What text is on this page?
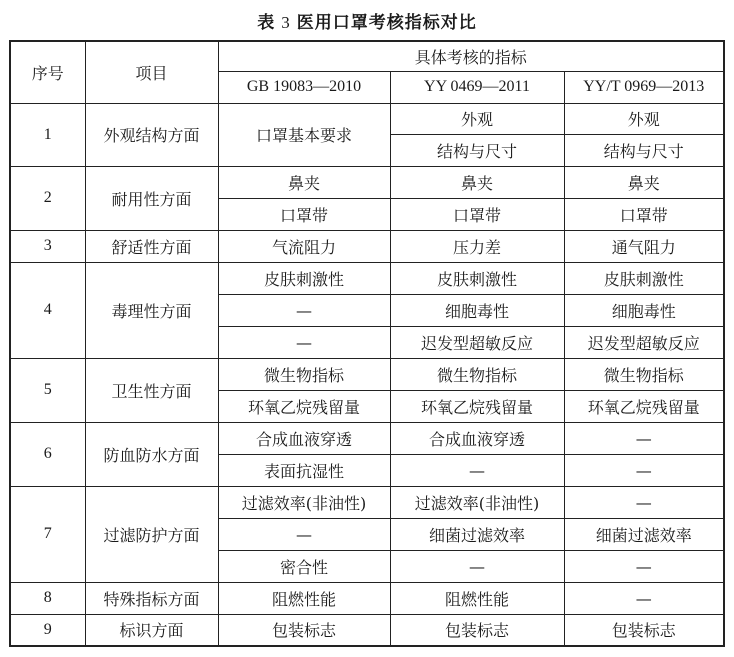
表 3 医用口罩考核指标对比
序号	项目	具体考核的指标		
		GB 19083—2010	YY 0469—2011	YY/T 0969—2013
1	外观结构方面	口罩基本要求	外观	外观
			结构与尺寸	结构与尺寸
2	耐用性方面	鼻夹	鼻夹	鼻夹
		口罩带	口罩带	口罩带
3	舒适性方面	气流阻力	压力差	通气阻力
4	毒理性方面	皮肤刺激性	皮肤刺激性	皮肤刺激性
		—	细胞毒性	细胞毒性
		—	迟发型超敏反应	迟发型超敏反应
5	卫生性方面	微生物指标	微生物指标	微生物指标
		环氧乙烷残留量	环氧乙烷残留量	环氧乙烷残留量
6	防血防水方面	合成血液穿透	合成血液穿透	—
		表面抗湿性	—	—
7	过滤防护方面	过滤效率(非油性)	过滤效率(非油性)	—
		—	细菌过滤效率	细菌过滤效率
		密合性	—	—
8	特殊指标方面	阻燃性能	阻燃性能	—
9	标识方面	包装标志	包装标志	包装标志
